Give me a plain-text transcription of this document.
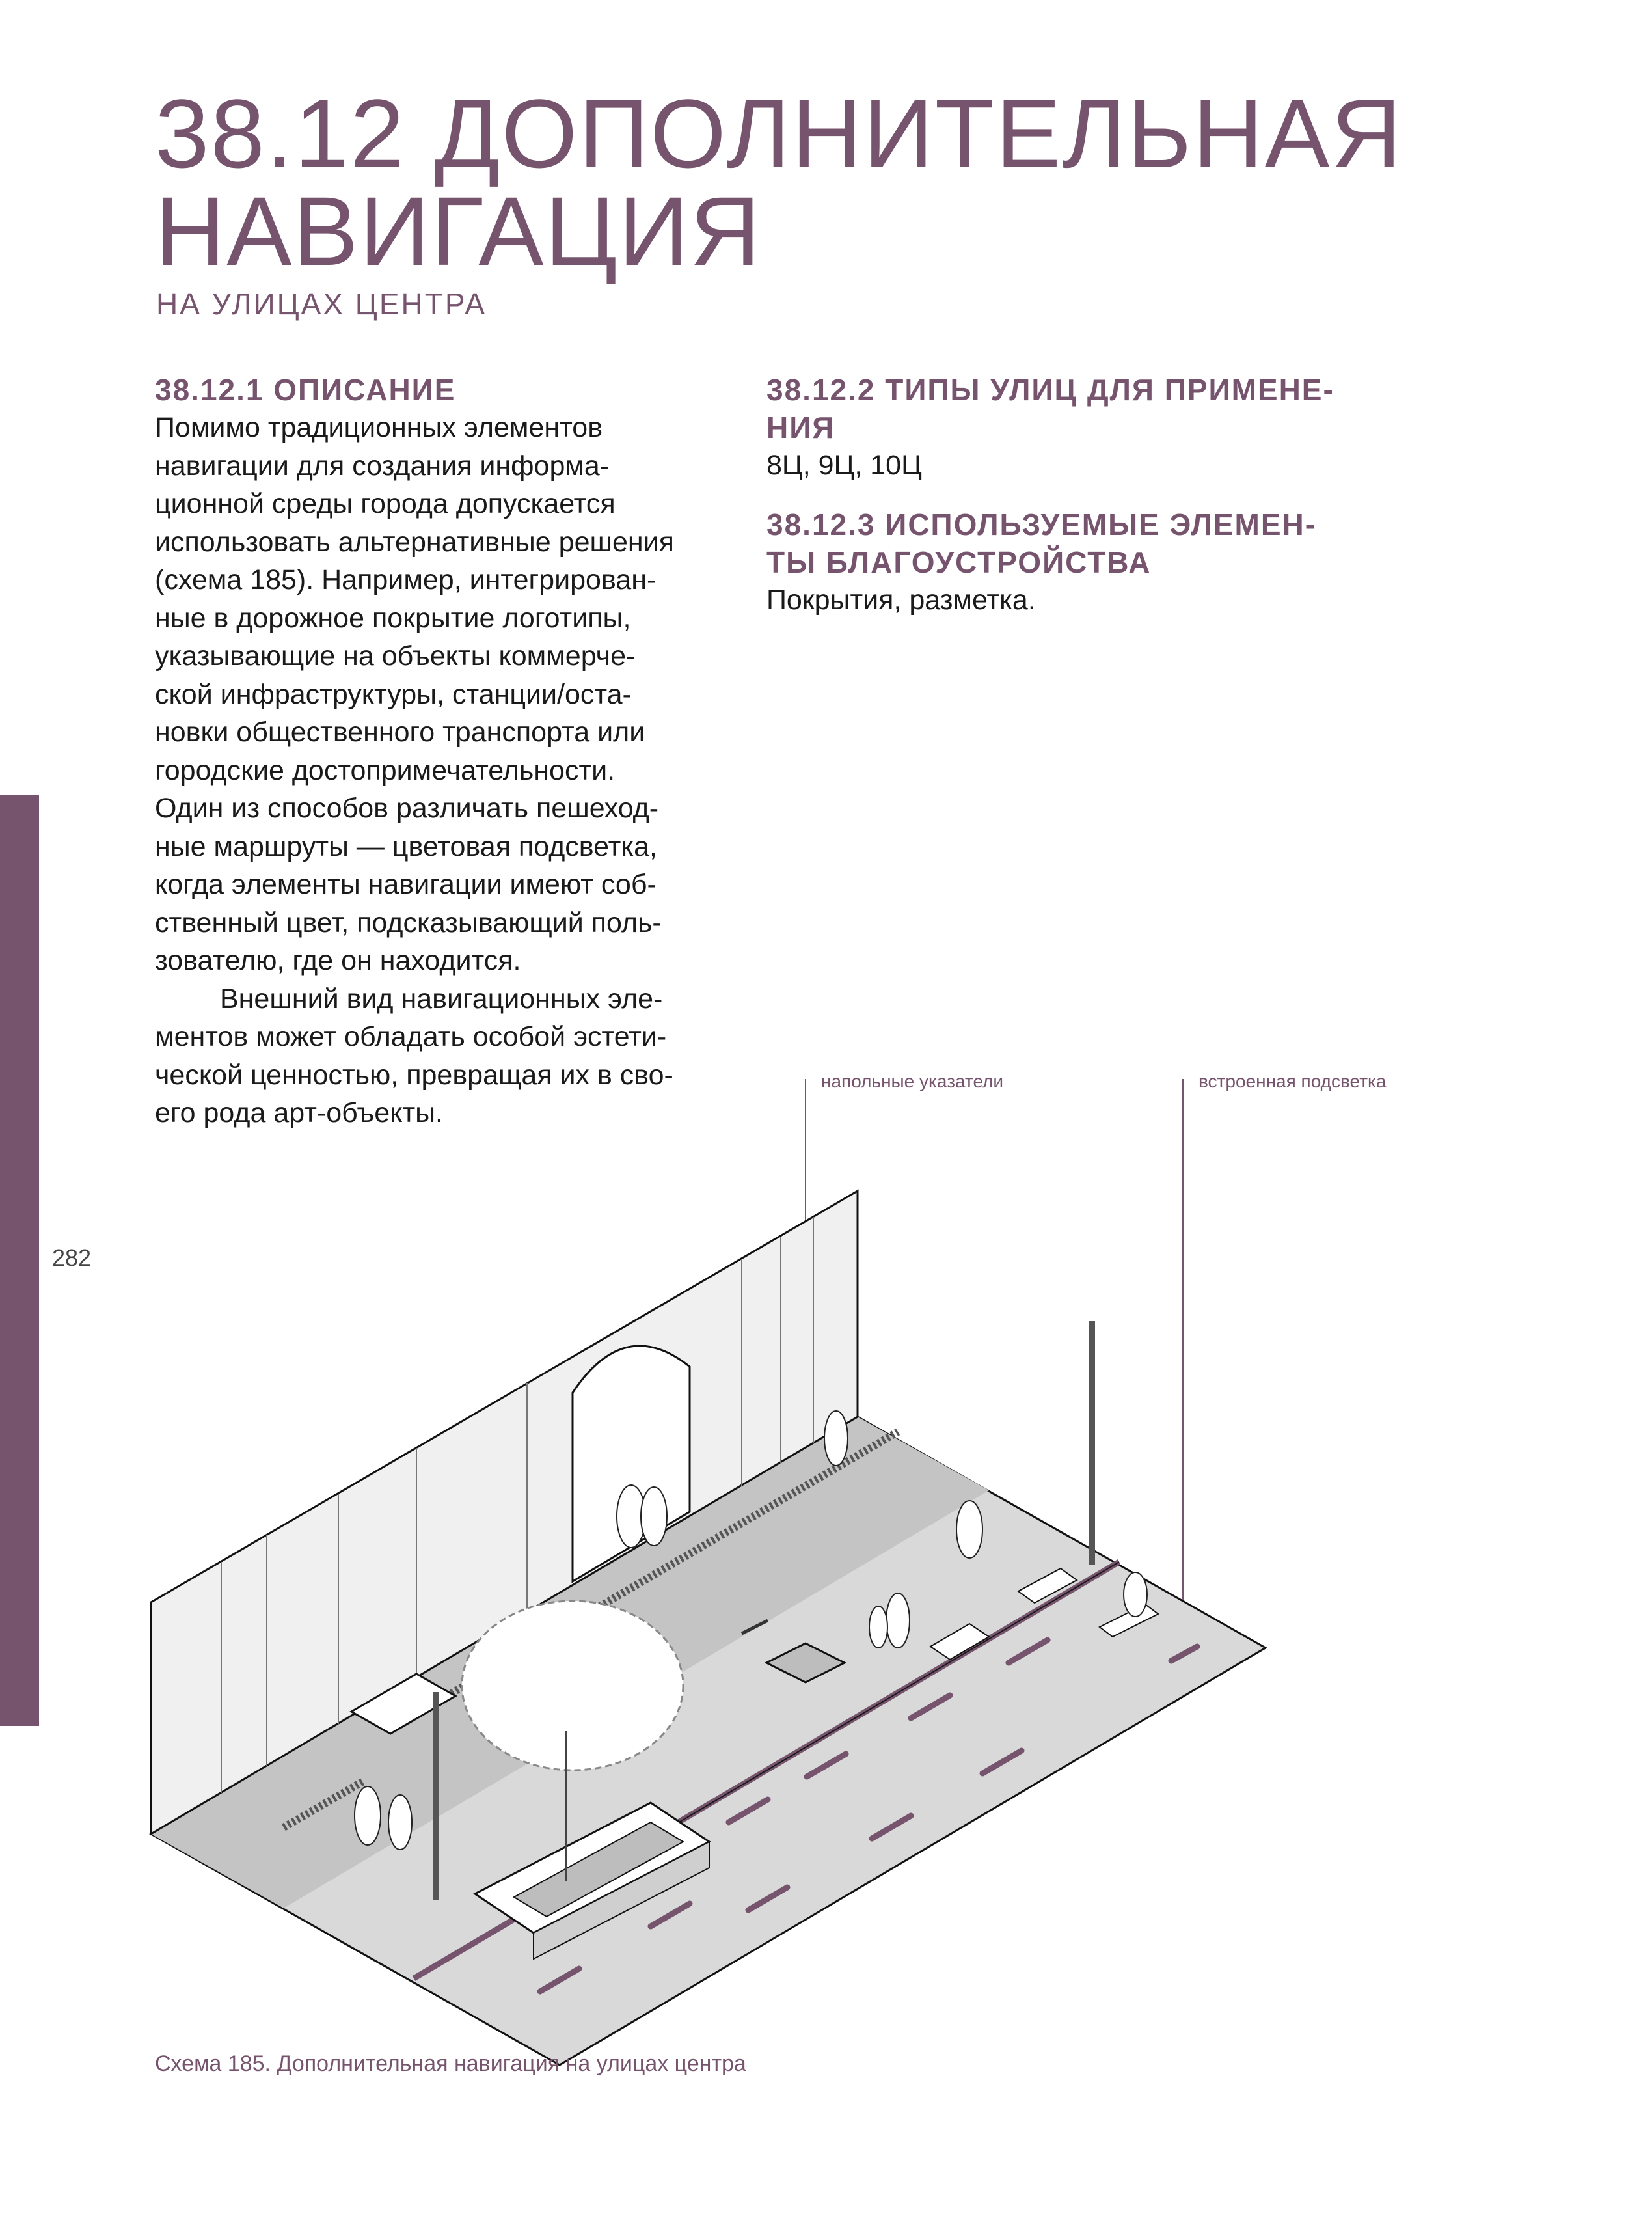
282
38.12 ДОПОЛНИТЕЛЬНАЯ
НАВИГАЦИЯ
НА УЛИЦАХ ЦЕНТРА
38.12.1 ОПИСАНИЕ

Помимо традиционных элементов
навигации для создания информа-
ционной среды города допускается
использовать альтернативные решения
(схема 185). Например, интегрирован-
ные в дорожное покрытие логотипы,
указывающие на объекты коммерче-
ской инфраструктуры, станции/оста-
новки общественного транспорта или
городские достопримечательности.
Один из способов различать пешеход-
ные маршруты — цветовая подсветка,
когда элементы навигации имеют соб-
ственный цвет, подсказывающий поль-
зователю, где он находится.
Внешний вид навигационных эле-
ментов может обладать особой эстети-
ческой ценностью, превращая их в сво-
его рода арт-объекты.

38.12.2 ТИПЫ УЛИЦ ДЛЯ ПРИМЕНЕ-
НИЯ

8Ц, 9Ц, 10Ц

38.12.3 ИСПОЛЬЗУЕМЫЕ ЭЛЕМЕН-
ТЫ БЛАГОУСТРОЙСТВА

Покрытия, разметка.

напольные указатели	встроенная подсветка
Схема 185. Дополнительная навигация на улицах центра
